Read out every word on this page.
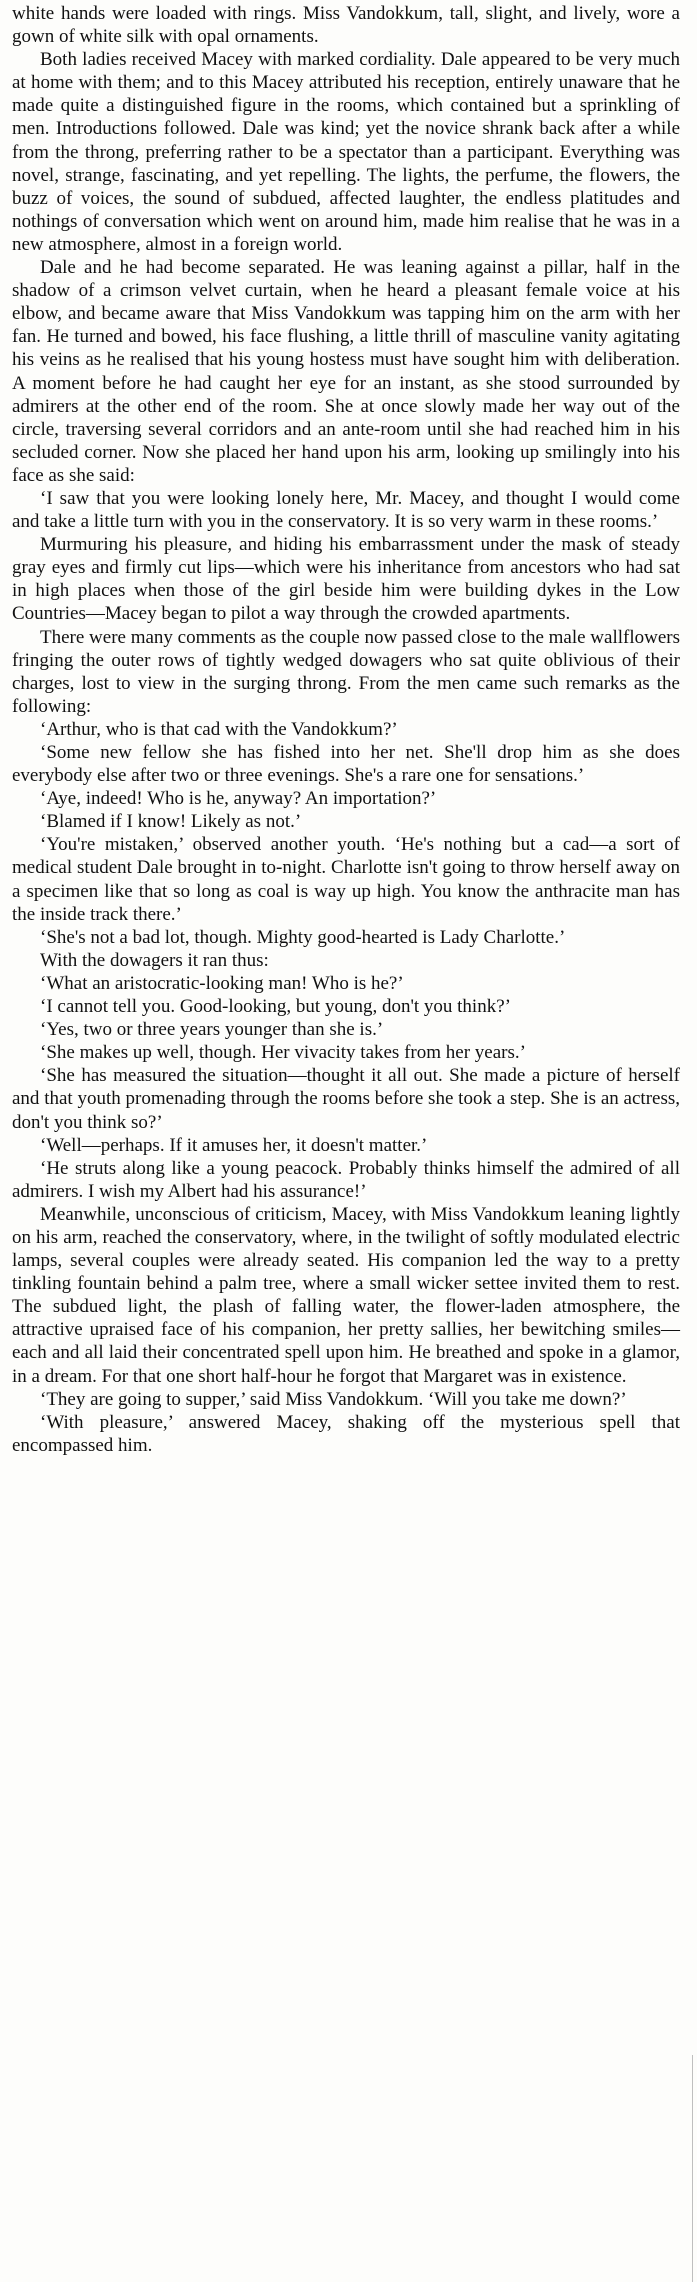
white hands were loaded with rings. Miss Vandokkum, tall, slight, and lively, wore a gown of white silk with opal ornaments.

Both ladies received Macey with marked cordiality. Dale appeared to be very much at home with them; and to this Macey attributed his reception, entirely unaware that he made quite a distinguished figure in the rooms, which contained but a sprinkling of men. Introductions followed. Dale was kind; yet the novice shrank back after a while from the throng, preferring rather to be a spectator than a participant. Everything was novel, strange, fascinating, and yet repelling. The lights, the perfume, the flowers, the buzz of voices, the sound of subdued, affected laughter, the endless platitudes and nothings of conversation which went on around him, made him realise that he was in a new atmosphere, almost in a foreign world.

Dale and he had become separated. He was leaning against a pillar, half in the shadow of a crimson velvet curtain, when he heard a pleasant female voice at his elbow, and became aware that Miss Vandokkum was tapping him on the arm with her fan. He turned and bowed, his face flushing, a little thrill of masculine vanity agitating his veins as he realised that his young hostess must have sought him with deliberation. A moment before he had caught her eye for an instant, as she stood surrounded by admirers at the other end of the room. She at once slowly made her way out of the circle, traversing several corridors and an ante-room until she had reached him in his secluded corner. Now she placed her hand upon his arm, looking up smilingly into his face as she said:

‘I saw that you were looking lonely here, Mr. Macey, and thought I would come and take a little turn with you in the conservatory. It is so very warm in these rooms.’

Murmuring his pleasure, and hiding his embarrassment under the mask of steady gray eyes and firmly cut lips—which were his inheritance from ancestors who had sat in high places when those of the girl beside him were building dykes in the Low Countries—Macey began to pilot a way through the crowded apartments.

There were many comments as the couple now passed close to the male wallflowers fringing the outer rows of tightly wedged dowagers who sat quite oblivious of their charges, lost to view in the surging throng. From the men came such remarks as the following:

‘Arthur, who is that cad with the Vandokkum?’

‘Some new fellow she has fished into her net. She'll drop him as she does everybody else after two or three evenings. She's a rare one for sensations.’

‘Aye, indeed! Who is he, anyway? An importation?’

‘Blamed if I know! Likely as not.’

‘You're mistaken,’ observed another youth. ‘He's nothing but a cad—a sort of medical student Dale brought in to-night. Charlotte isn't going to throw herself away on a specimen like that so long as coal is way up high. You know the anthracite man has the inside track there.’

‘She's not a bad lot, though. Mighty good-hearted is Lady Charlotte.’

With the dowagers it ran thus:

‘What an aristocratic-looking man! Who is he?’

‘I cannot tell you. Good-looking, but young, don't you think?’

‘Yes, two or three years younger than she is.’

‘She makes up well, though. Her vivacity takes from her years.’

‘She has measured the situation—thought it all out. She made a picture of herself and that youth promenading through the rooms before she took a step. She is an actress, don't you think so?’

‘Well—perhaps. If it amuses her, it doesn't matter.’

‘He struts along like a young peacock. Probably thinks himself the admired of all admirers. I wish my Albert had his assurance!’

Meanwhile, unconscious of criticism, Macey, with Miss Vandokkum leaning lightly on his arm, reached the conservatory, where, in the twilight of softly modulated electric lamps, several couples were already seated. His companion led the way to a pretty tinkling fountain behind a palm tree, where a small wicker settee invited them to rest. The subdued light, the plash of falling water, the flower-laden atmosphere, the attractive upraised face of his companion, her pretty sallies, her bewitching smiles—each and all laid their concentrated spell upon him. He breathed and spoke in a glamor, in a dream. For that one short half-hour he forgot that Margaret was in existence.

‘They are going to supper,’ said Miss Vandokkum. ‘Will you take me down?’

‘With pleasure,’ answered Macey, shaking off the mysterious spell that encompassed him.
